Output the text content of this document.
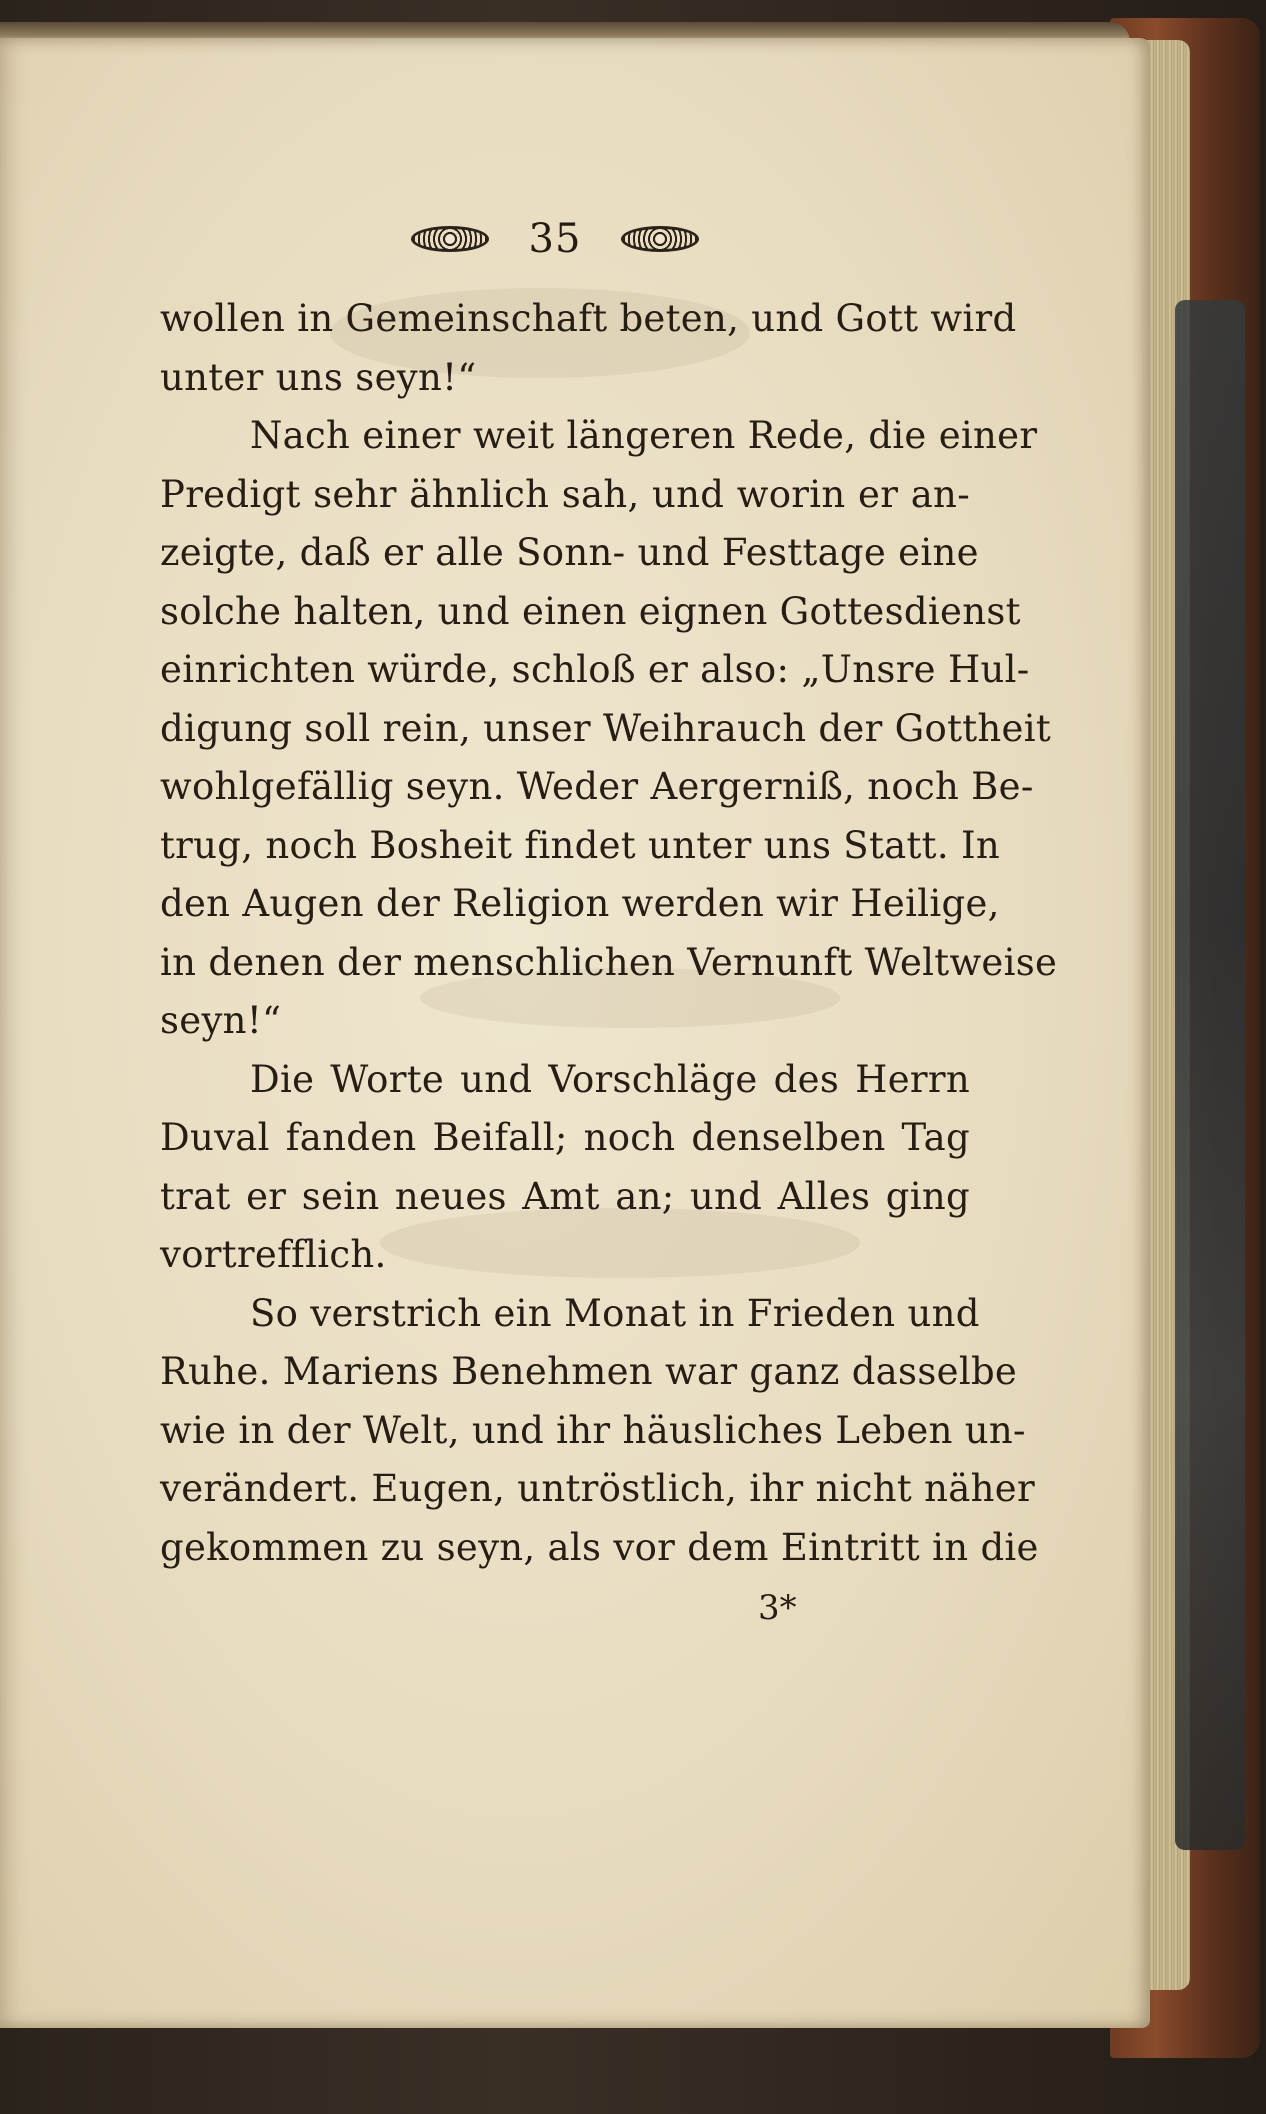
35
wollen in Gemeinschaft beten, und Gott wird
unter uns seyn!“
Nach einer weit längeren Rede, die einer
Predigt sehr ähnlich sah, und worin er an-
zeigte, daß er alle Sonn- und Festtage eine
solche halten, und einen eignen Gottesdienst
einrichten würde, schloß er also: „Unsre Hul-
digung soll rein, unser Weihrauch der Gottheit
wohlgefällig seyn. Weder Aergerniß, noch Be-
trug, noch Bosheit findet unter uns Statt. In
den Augen der Religion werden wir Heilige,
in denen der menschlichen Vernunft Weltweise
seyn!“
Die Worte und Vorschläge des Herrn
Duval fanden Beifall; noch denselben Tag
trat er sein neues Amt an; und Alles ging
vortrefflich.
So verstrich ein Monat in Frieden und
Ruhe. Mariens Benehmen war ganz dasselbe
wie in der Welt, und ihr häusliches Leben un-
verändert. Eugen, untröstlich, ihr nicht näher
gekommen zu seyn, als vor dem Eintritt in die
3*
